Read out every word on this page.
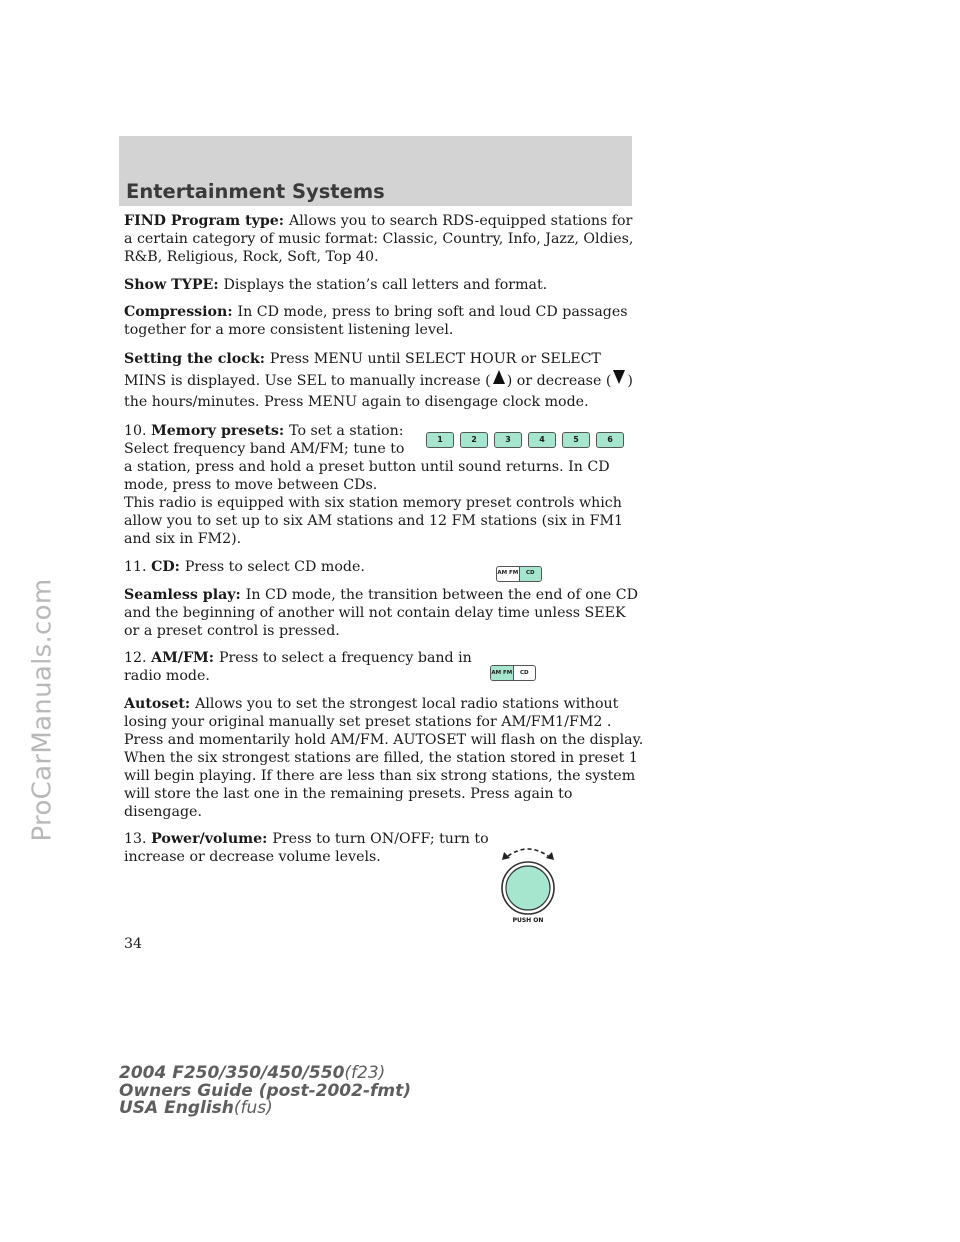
ProCarManuals.com
Entertainment Systems

FIND Program type: Allows you to search RDS-equipped stations for a certain category of music format: Classic, Country, Info, Jazz, Oldies, R&B, Religious, Rock, Soft, Top 40.

Show TYPE: Displays the station’s call letters and format.

Compression: In CD mode, press to bring soft and loud CD passages together for a more consistent listening level.

Setting the clock: Press MENU until SELECT HOUR or SELECT MINS is displayed. Use SEL to manually increase ( ) or decrease ( ) the hours/minutes. Press MENU again to disengage clock mode.

1	2	3	4	5	6

10. Memory presets: To set a station: Select frequency band AM/FM; tune to a station, press and hold a preset button until sound returns. In CD mode, press to move between CDs.

This radio is equipped with six station memory preset controls which allow you to set up to six AM stations and 12 FM stations (six in FM1 and six in FM2).

AM FM	CD

11. CD: Press to select CD mode.

Seamless play: In CD mode, the transition between the end of one CD and the beginning of another will not contain delay time unless SEEK or a preset control is pressed.

AM FM	CD

12. AM/FM: Press to select a frequency band in radio mode.

Autoset: Allows you to set the strongest local radio stations without losing your original manually set preset stations for AM/FM1/FM2 . Press and momentarily hold AM/FM. AUTOSET will flash on the display. When the six strongest stations are filled, the station stored in preset 1 will begin playing. If there are less than six strong stations, the system will store the last one in the remaining presets. Press again to disengage.

PUSH ON

13. Power/volume: Press to turn ON/OFF; turn to increase or decrease volume levels.

34
2004 F250/350/450/550(f23)
Owners Guide (post-2002-fmt)
USA English(fus)
